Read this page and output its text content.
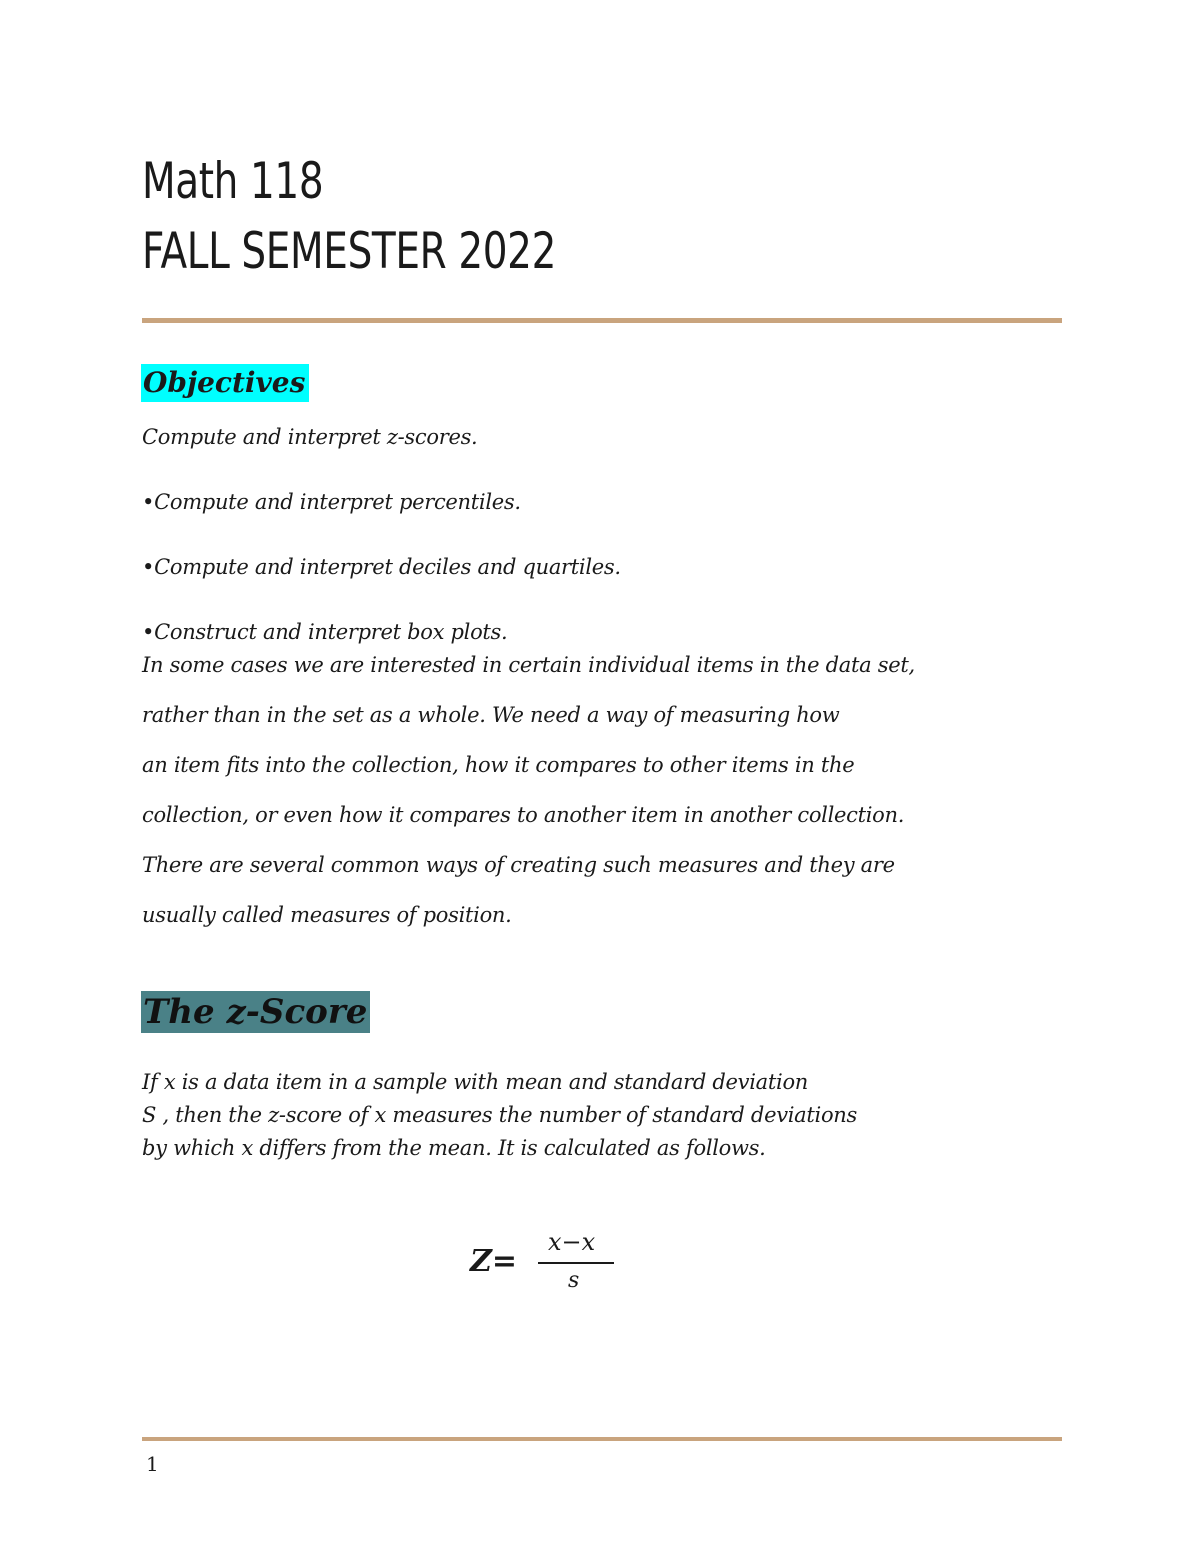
Math 118
FALL SEMESTER 2022
Objectives

Compute and interpret z-scores.

•Compute and interpret percentiles.

•Compute and interpret deciles and quartiles.

•Construct and interpret box plots.

In some cases we are interested in certain individual items in the data set,

rather than in the set as a whole. We need a way of measuring how

an item fits into the collection, how it compares to other items in the

collection, or even how it compares to another item in another collection.

There are several common ways of creating such measures and they are

usually called measures of position.

The z-Score

If x is a data item in a sample with mean and standard deviation

S , then the z-score of x measures the number of standard deviations

by which x differs from the mean. It is calculated as follows.

Z=
x−x
s
1
